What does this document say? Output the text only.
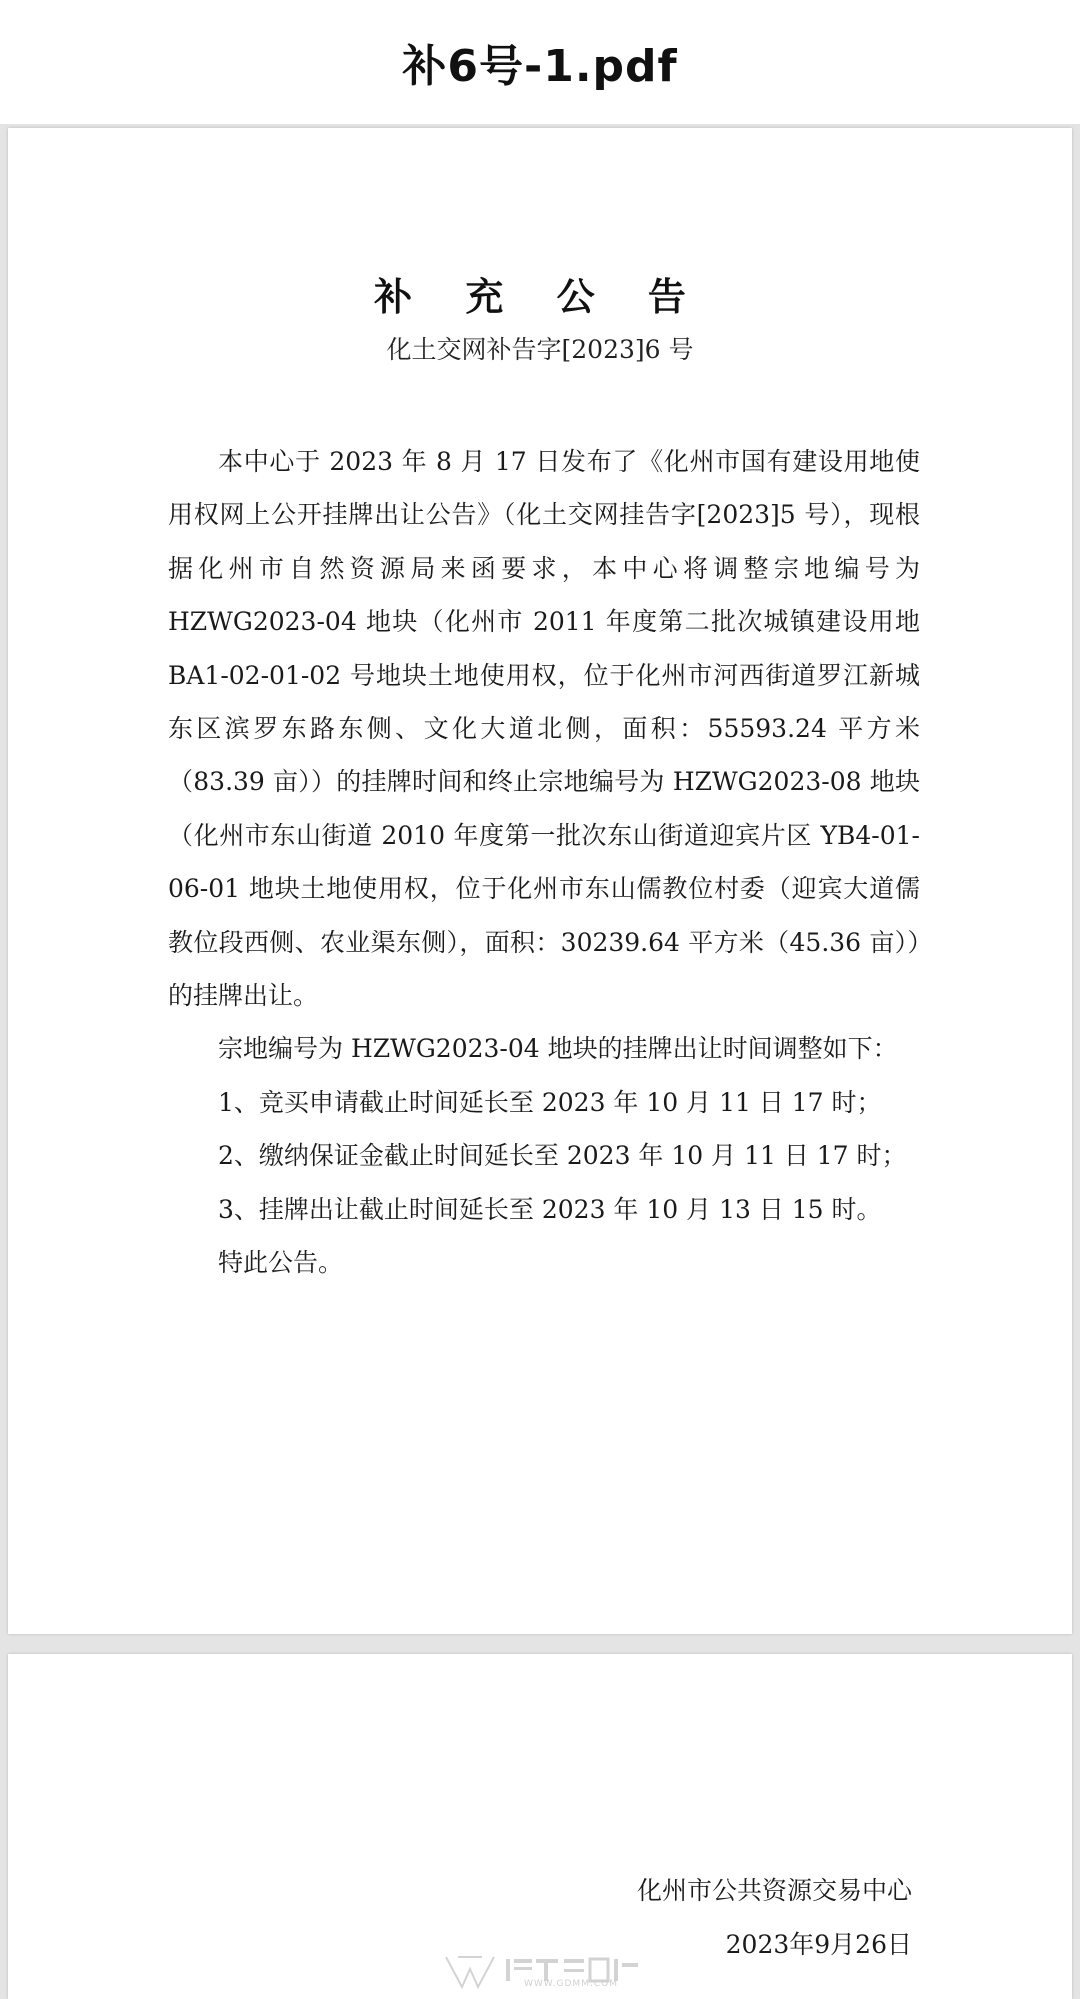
补6号-1.pdf
补 充 公 告
化土交网补告字[2023]6 号

本中心于 2023 年 8 月 17 日发布了《化州市国有建设用地使用权网上公开挂牌出让公告》（化土交网挂告字[2023]5 号），现根据化州市自然资源局来函要求，本中心将调整宗地编号为 HZWG2023-04 地块（化州市 2011 年度第二批次城镇建设用地 BA1-02-01-02 号地块土地使用权，位于化州市河西街道罗江新城东区滨罗东路东侧、文化大道北侧，面积：55593.24 平方米（83.39 亩））的挂牌时间和终止宗地编号为 HZWG2023-08 地块（化州市东山街道 2010 年度第一批次东山街道迎宾片区 YB4-01-06-01 地块土地使用权，位于化州市东山儒教位村委（迎宾大道儒教位段西侧、农业渠东侧），面积：30239.64 平方米（45.36 亩））的挂牌出让。

宗地编号为 HZWG2023-04 地块的挂牌出让时间调整如下：

1、竞买申请截止时间延长至 2023 年 10 月 11 日 17 时；

2、缴纳保证金截止时间延长至 2023 年 10 月 11 日 17 时；

3、挂牌出让截止时间延长至 2023 年 10 月 13 日 15 时。

特此公告。

化州市公共资源交易中心
2023年9月26日
WWW.GDMM.COM
